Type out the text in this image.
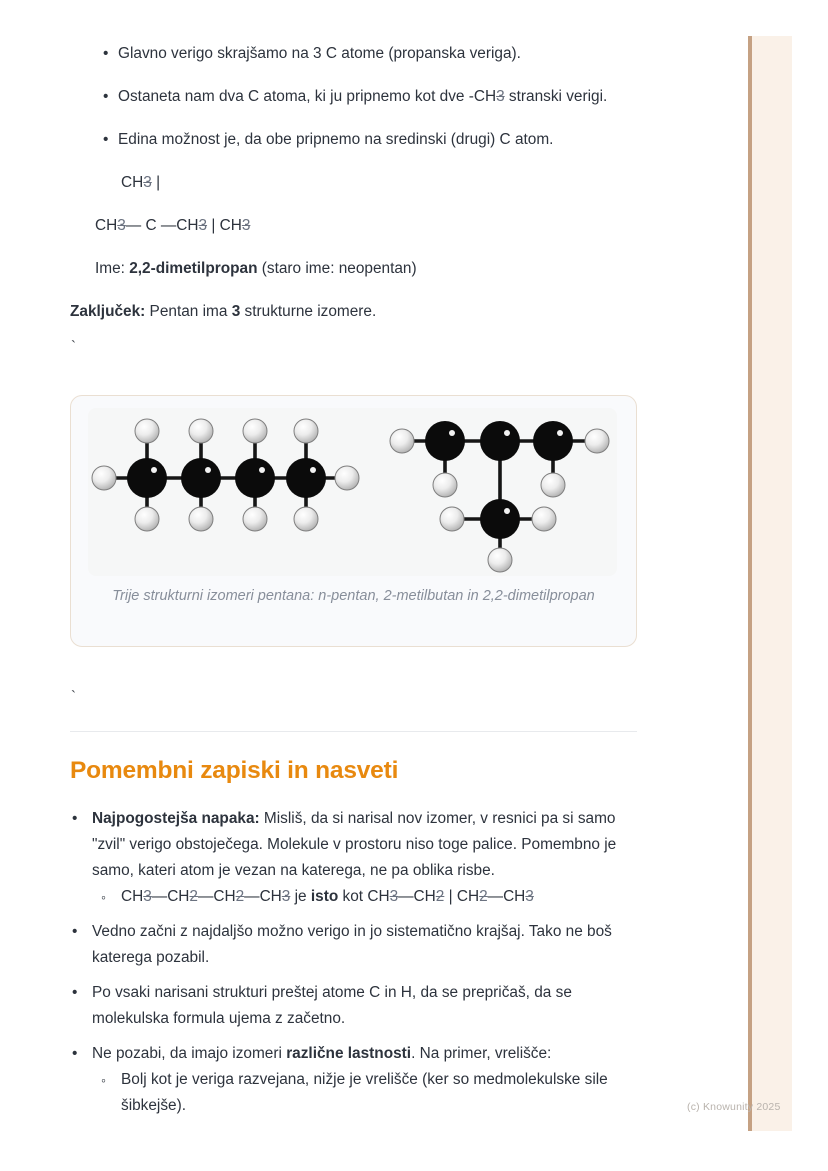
(c) Knowunity 2025
• Glavno verigo skrajšamo na 3 C atome (propanska veriga).
• Ostaneta nam dva C atoma, ki ju pripnemo kot dve -CH3 stranski verigi.
• Edina možnost je, da obe pripnemo na sredinski (drugi) C atom.

CH3 |

CH3— C —CH3 | CH3

Ime: 2,2-dimetilpropan (staro ime: neopentan)

Zaključek: Pentan ima 3 strukturne izomere.

`
Trije strukturni izomeri pentana: n-pentan, 2-metilbutan in 2,2-dimetilpropan
`
Pomembni zapiski in nasveti
• Najpogostejša napaka: Misliš, da si narisal nov izomer, v resnici pa si samo "zvil" verigo obstoječega. Molekule v prostoru niso toge palice. Pomembno je samo, kateri atom je vezan na katerega, ne pa oblika risbe.
◦ CH3—CH2—CH2—CH3 je isto kot CH3—CH2 | CH2—CH3
• Vedno začni z najdaljšo možno verigo in jo sistematično krajšaj. Tako ne boš katerega pozabil.
• Po vsaki narisani strukturi preštej atome C in H, da se prepričaš, da se molekulska formula ujema z začetno.
• Ne pozabi, da imajo izomeri različne lastnosti. Na primer, vrelišče:
◦ Bolj kot je veriga razvejana, nižje je vrelišče (ker so medmolekulske sile šibkejše).
